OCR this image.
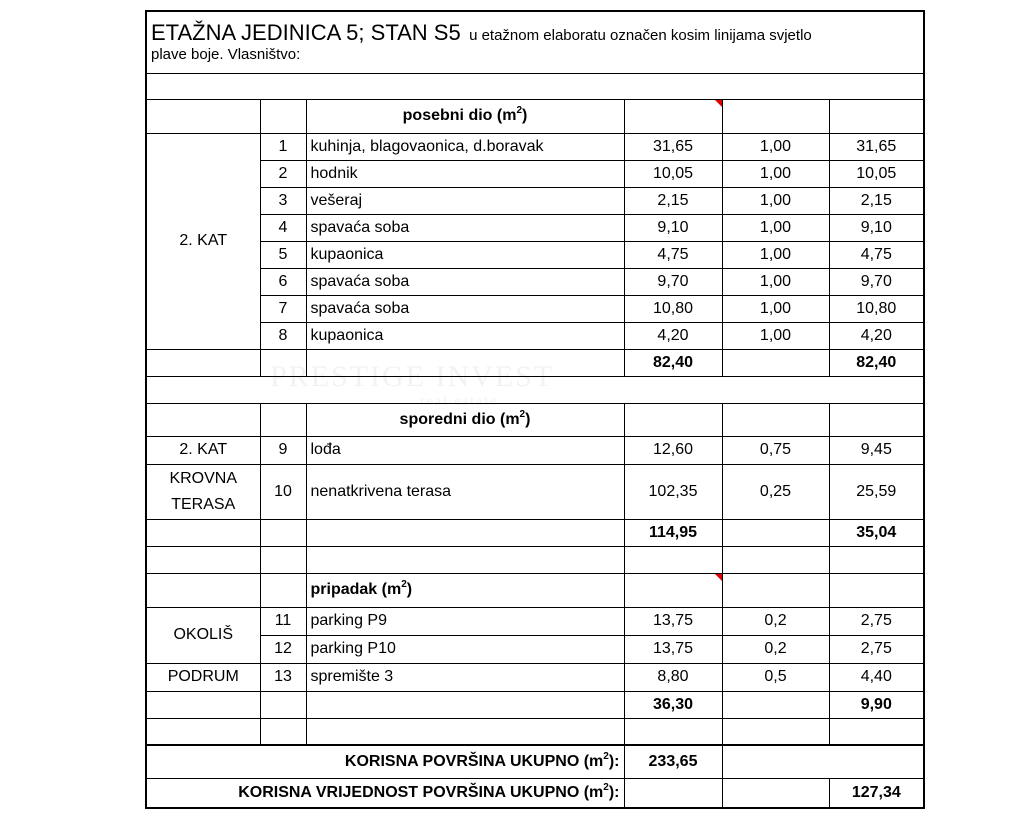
ETAŽNA JEDINICA 5; STAN S5 u etažnom elaboratu označen kosim linijama svjetlo
plave boje. Vlasništvo:					

		posebni dio $(m^2)$			
2. KAT	1	kuhinja, blagovaonica, d.boravak	31,65	1,00	31,65
	2	hodnik	10,05	1,00	10,05
	3	vešeraj	2,15	1,00	2,15
	4	spavaća soba	9,10	1,00	9,10
	5	kupaonica	4,75	1,00	4,75
	6	spavaća soba	9,70	1,00	9,70
	7	spavaća soba	10,80	1,00	10,80
	8	kupaonica	4,20	1,00	4,20
			82,40		82,40

		sporedni dio $(m^2)$			
2. KAT	9	lođa	12,60	0,75	9,45
KROVNA
TERASA	10	nenatkrivena terasa	102,35	0,25	25,59
			114,95		35,04

		pripadak $(m^2)$			
OKOLIŠ	11	parking P9	13,75	0,2	2,75
	12	parking P10	13,75	0,2	2,75
PODRUM	13	spremište 3	8,80	0,5	4,40
			36,30		9,90

KORISNA POVRŠINA UKUPNO $(m^2)$:			233,65		
KORISNA VRIJEDNOST POVRŠINA UKUPNO $(m^2)$:					127,34
PRESTIGE INVEST
real estate
